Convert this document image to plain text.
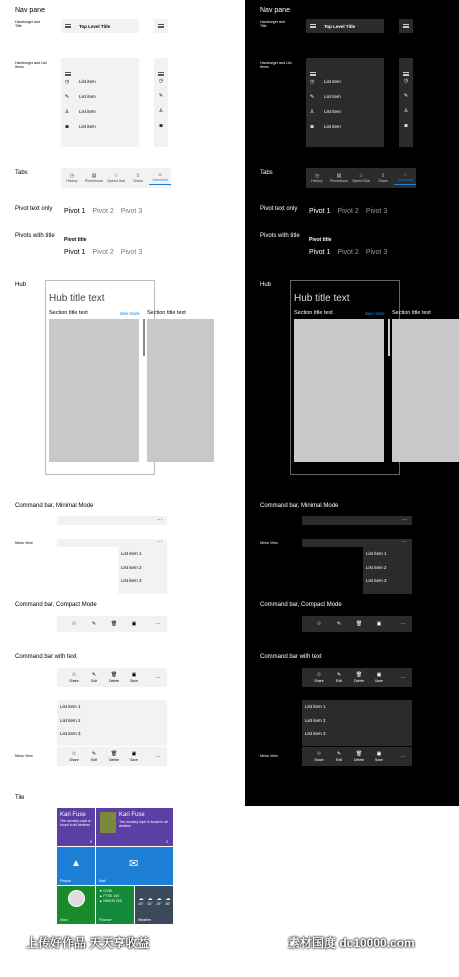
Nav pane
Hamburger and Title	Top Level Title
Hamburger and List Items
◷	List item
✎	List item
♙	List item
◙	List item
◷
✎
♙
◙
Tabs	◷
History
▤
Phonebook
☆
Speed Dial
⇪
Share
∞
Voicemail
Pivot text only Pivot 1 Pivot 2 Pivot 3
Pivots with title
Pivot title
Pivot 1 Pivot 2 Pivot 3
Hub
Hub title text
Section title text	See more Section title text
Command bar, Minimal Mode
···
Menu View	···
List item 1
List item 2
List item 3
Command bar, Compact Mode
♲	✎	🗑	▣	···
Command bar with text
♲
Share
✎
Edit
🗑
Delete
▣
Save
···
List item 1
List item 2
List item 3
Menu View	♲
Share
✎
Edit
🗑
Delete
▣
Save
···
Tile
Kari Fuse
The monkey rope is found in all whalers
5
Kari Fuse
The monkey rope is found in all whalers
2
▲
Photos
✉
Mail
Xbox
▼ DOW
▲ FTSE 100
▲ NIKKEI 225
Finance
☁
34°
☁
33°
☁
29°
☁
36°
Weather
上传好作品 天天享收益
Nav pane
Hamburger and Title	Top Level Title
Hamburger and List Items
◷	List item
✎	List item
♙	List item
◙	List item
◷
✎
♙
◙
Tabs	◷
History
▤
Phonebook
☆
Speed Dial
⇪
Share
∞
Voicemail
Pivot text only Pivot 1 Pivot 2 Pivot 3
Pivots with title
Pivot title
Pivot 1 Pivot 2 Pivot 3
Hub
Hub title text
Section title text	See more Section title text
Command bar, Minimal Mode
···
Menu View	···
List item 1
List item 2
List item 3
Command bar, Compact Mode
♲	✎	🗑	▣	···
Command bar with text
♲
Share
✎
Edit
🗑
Delete
▣
Save
···
List item 1
List item 2
List item 3
Menu View	♲
Share
✎
Edit
🗑
Delete
▣
Save
···
素材国度 dc10000.com
